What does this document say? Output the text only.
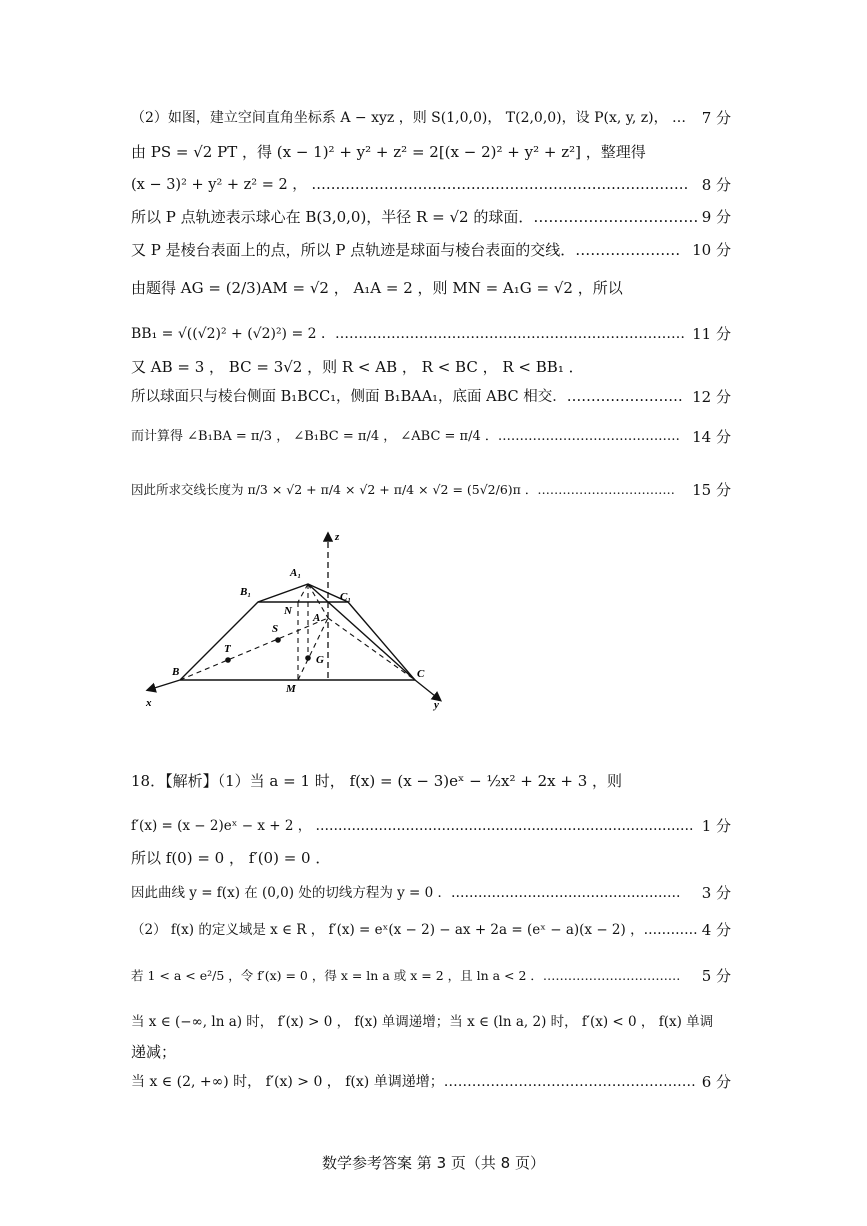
（2）如图，建立空间直角坐标系 A − xyz ，则 S(1,0,0)， T(2,0,0)，设 P(x, y, z)， … 7 分
由 PS = √2 PT ，得 (x − 1)² + y² + z² = 2[(x − 2)² + y² + z²] ，整理得
(x − 3)² + y² + z² = 2 ， …………………………………………………………………… 8 分
所以 P 点轨迹表示球心在 B(3,0,0)，半径 R = √2 的球面．…………………………… 9 分
又 P 是棱台表面上的点，所以 P 点轨迹是球面与棱台表面的交线．………………… 10 分
由题得 AG = (2/3)AM = √2 ， A₁A = 2 ，则 MN = A₁G = √2 ，所以
BB₁ = √((√2)² + (√2)²) = 2 ．………………………………………………………………… 11 分
又 AB = 3 ， BC = 3√2 ，则 R < AB ， R < BC ， R < BB₁ ．
所以球面只与棱台侧面 B₁BCC₁，侧面 B₁BAA₁，底面 ABC 相交．…………………… 12 分
而计算得 ∠B₁BA = π/3 ， ∠B₁BC = π/4 ， ∠ABC = π/4 ．…………………………………… 14 分
因此所求交线长度为 π/3 × √2 + π/4 × √2 + π/4 × √2 = (5√2/6)π ．…………………………… 15 分
A₁
B₁	C₁
N
A
S
T
G
B	C
M
x	y
z
18．【解析】（1）当 a = 1 时， f(x) = (x − 3)eˣ − ½x² + 2x + 3 ，则
f′(x) = (x − 2)eˣ − x + 2 ， ………………………………………………………………………… 1 分
所以 f(0) = 0 ， f′(0) = 0 ．
因此曲线 y = f(x) 在 (0,0) 处的切线方程为 y = 0 ．…………………………………………… 3 分
（2） f(x) 的定义域是 x ∈ R ， f′(x) = eˣ(x − 2) − ax + 2a = (eˣ − a)(x − 2) ，………… 4 分
若 1 < a < e²/5 ，令 f′(x) = 0 ，得 x = ln a 或 x = 2 ，且 ln a < 2 ．…………………………… 5 分
当 x ∈ (−∞, ln a) 时， f′(x) > 0 ， f(x) 单调递增；当 x ∈ (ln a, 2) 时， f′(x) < 0 ， f(x) 单调
递减；
当 x ∈ (2, +∞) 时， f′(x) > 0 ， f(x) 单调递增；……………………………………………… 6 分
数学参考答案 第 3 页（共 8 页）
